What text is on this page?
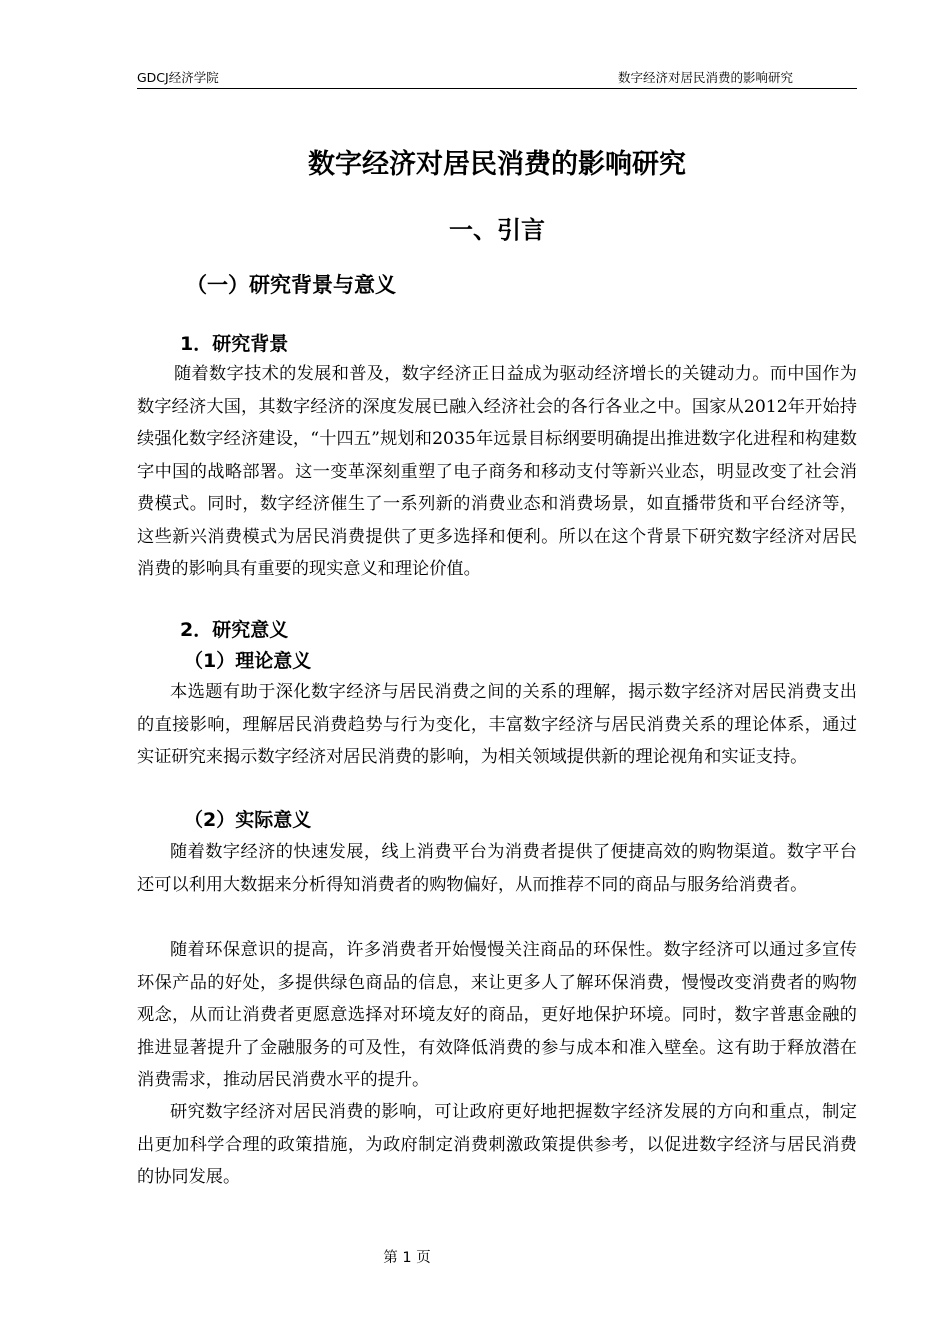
GDCJ经济学院	数字经济对居民消费的影响研究
数字经济对居民消费的影响研究
一、引言
（一）研究背景与意义
1．研究背景

随着数字技术的发展和普及，数字经济正日益成为驱动经济增长的关键动力。而中国作为数字经济大国，其数字经济的深度发展已融入经济社会的各行各业之中。国家从2012年开始持续强化数字经济建设，“十四五”规划和2035年远景目标纲要明确提出推进数字化进程和构建数字中国的战略部署。这一变革深刻重塑了电子商务和移动支付等新兴业态，明显改变了社会消费模式。同时，数字经济催生了一系列新的消费业态和消费场景，如直播带货和平台经济等，这些新兴消费模式为居民消费提供了更多选择和便利。所以在这个背景下研究数字经济对居民消费的影响具有重要的现实意义和理论价值。

2．研究意义
（1）理论意义

本选题有助于深化数字经济与居民消费之间的关系的理解，揭示数字经济对居民消费支出的直接影响，理解居民消费趋势与行为变化，丰富数字经济与居民消费关系的理论体系，通过实证研究来揭示数字经济对居民消费的影响，为相关领域提供新的理论视角和实证支持。

（2）实际意义

随着数字经济的快速发展，线上消费平台为消费者提供了便捷高效的购物渠道。数字平台还可以利用大数据来分析得知消费者的购物偏好，从而推荐不同的商品与服务给消费者。

随着环保意识的提高，许多消费者开始慢慢关注商品的环保性。数字经济可以通过多宣传环保产品的好处，多提供绿色商品的信息，来让更多人了解环保消费，慢慢改变消费者的购物观念，从而让消费者更愿意选择对环境友好的商品，更好地保护环境。同时，数字普惠金融的推进显著提升了金融服务的可及性，有效降低消费的参与成本和准入壁垒。这有助于释放潜在消费需求，推动居民消费水平的提升。

研究数字经济对居民消费的影响，可让政府更好地把握数字经济发展的方向和重点，制定出更加科学合理的政策措施，为政府制定消费刺激政策提供参考，以促进数字经济与居民消费的协同发展。

第 1 页
